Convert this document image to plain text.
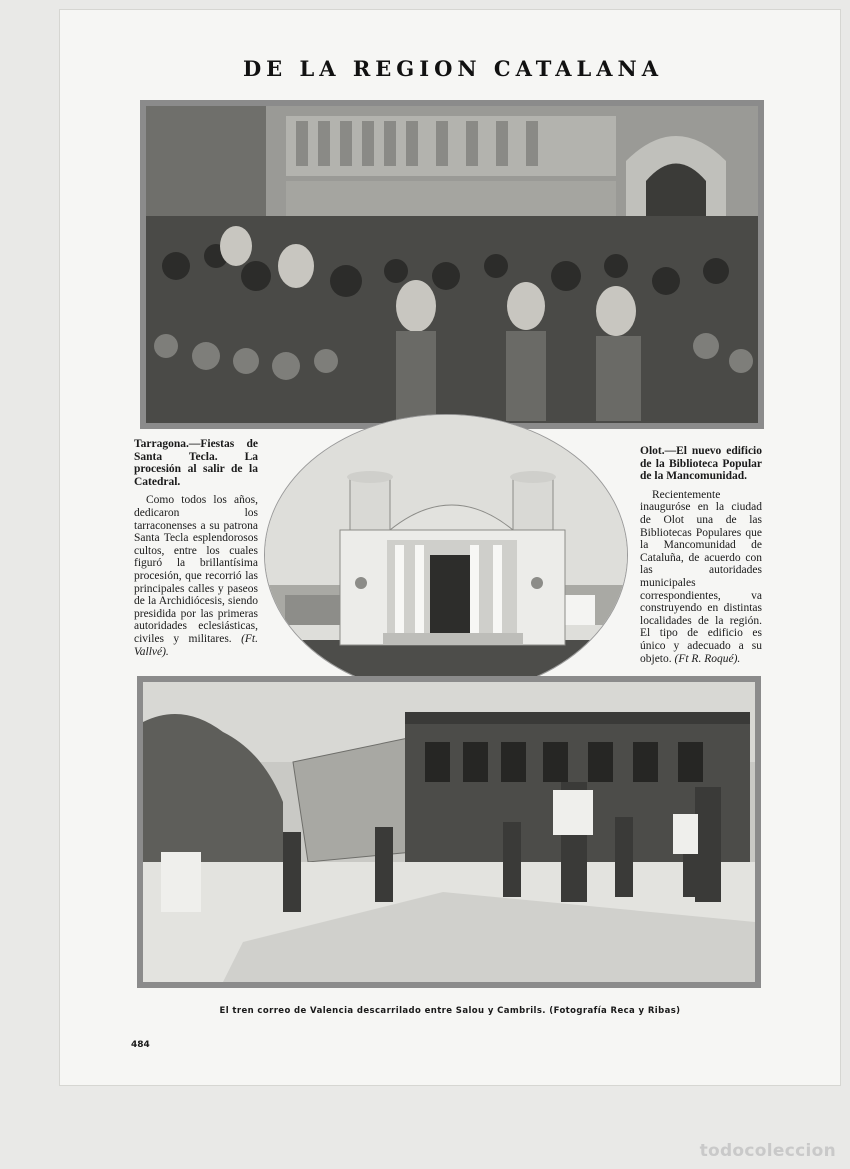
DE LA REGION CATALANA
Tarragona.—Fiestas de Santa Tecla. La procesión al salir de la Catedral.

Como todos los años, dedicaron los tarraconenses a su patrona Santa Tecla esplendorosos cultos, entre los cuales figuró la brillantísima procesión, que recorrió las principales calles y paseos de la Archidiócesis, siendo presidida por las primeras autoridades eclesiásticas, civiles y militares. (Ft. Vallvé).

Olot.—El nuevo edificio de la Biblioteca Popular de la Mancomunidad.

Recientemente inauguróse en la ciudad de Olot una de las Bibliotecas Populares que la Mancomunidad de Cataluña, de acuerdo con las autoridades municipales correspondientes, va construyendo en distintas localidades de la región. El tipo de edificio es único y adecuado a su objeto. (Ft R. Roqué).

El tren correo de Valencia descarrilado entre Salou y Cambrils. (Fotografía Reca y Ribas)
484
todocoleccion
